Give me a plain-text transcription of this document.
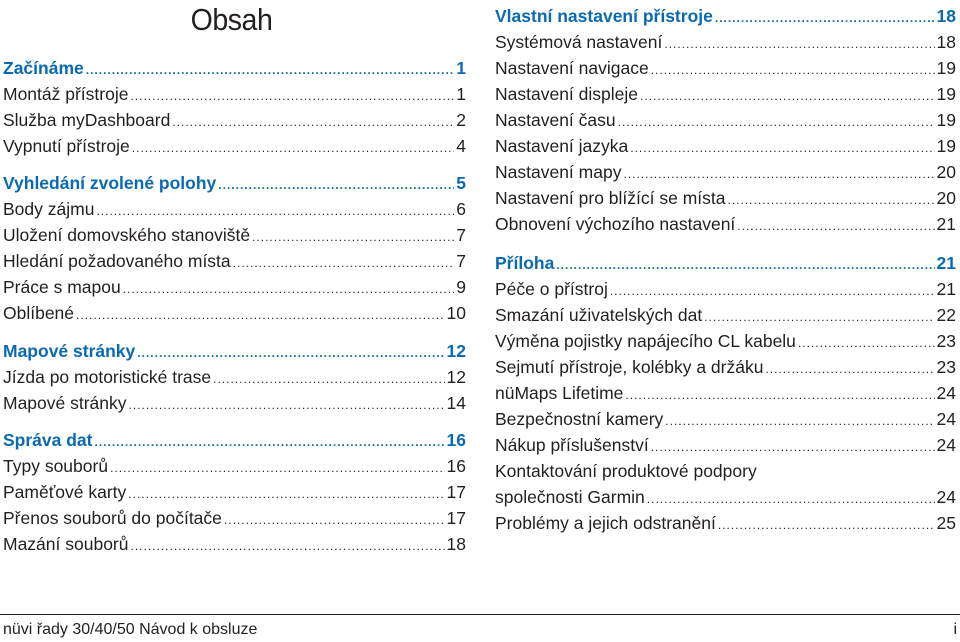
Obsah
Začínáme .....	1
Montáž přístroje .....	1
Služba myDashboard .....	2
Vypnutí přístroje .....	4
Vyhledání zvolené polohy .....	5
Body zájmu .....	6
Uložení domovského stanoviště .....	7
Hledání požadovaného místa .....	7
Práce s mapou .....	9
Oblíbené .....	10
Mapové stránky .....	12
Jízda po motoristické trase .....	12
Mapové stránky .....	14
Správa dat .....	16
Typy souborů .....	16
Paměťové karty .....	17
Přenos souborů do počítače .....	17
Mazání souborů .....	18
Vlastní nastavení přístroje .....	18
Systémová nastavení .....	18
Nastavení navigace .....	19
Nastavení displeje .....	19
Nastavení času .....	19
Nastavení jazyka .....	19
Nastavení mapy .....	20
Nastavení pro blížící se místa .....	20
Obnovení výchozího nastavení .....	21
Příloha .....	21
Péče o přístroj .....	21
Smazání uživatelských dat .....	22
Výměna pojistky napájecího CL kabelu .....	23
Sejmutí přístroje, kolébky a držáku .....	23
nüMaps Lifetime .....	24
Bezpečnostní kamery .....	24
Nákup příslušenství .....	24
Kontaktování produktové podpory
společnosti Garmin .....	24
Problémy a jejich odstranění .....	25
nüvi řady 30/40/50 Návod k obsluze	i
